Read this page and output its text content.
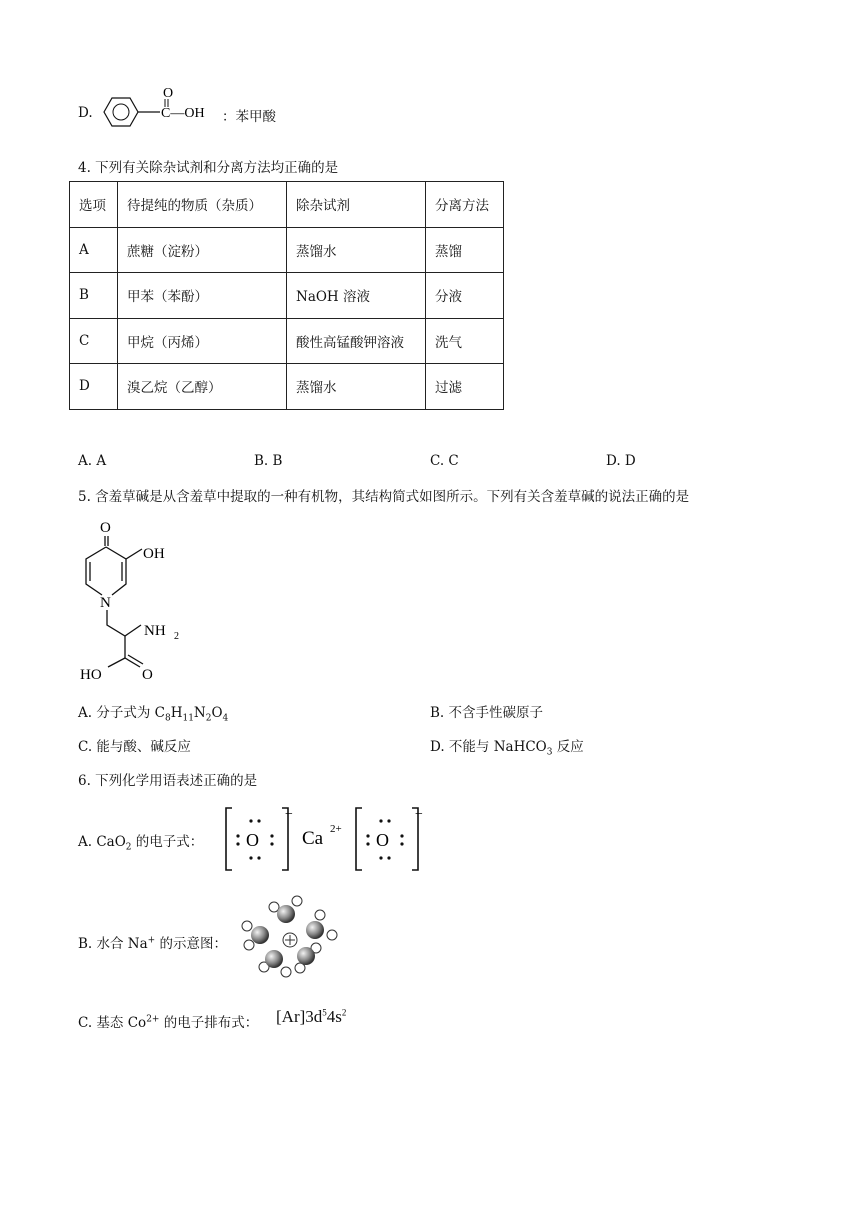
D.	C—OH
O
：苯甲酸
4. 下列有关除杂试剂和分离方法均正确的是
选项	待提纯的物质（杂质）	除杂试剂	分离方法
A	蔗糖（淀粉）	蒸馏水	蒸馏
B	甲苯（苯酚）	NaOH 溶液	分液
C	甲烷（丙烯）	酸性高锰酸钾溶液	洗气
D	溴乙烷（乙醇）	蒸馏水	过滤
A. A	B. B	C. C	D. D
5. 含羞草碱是从含羞草中提取的一种有机物，其结构简式如图所示。下列有关含羞草碱的说法正确的是
O
OH
N
NH 2
HO	O
A. 分子式为 $C_8H_{11}N_2O_4$	B. 不含手性碳原子
C. 能与酸、碱反应	D. 不能与 NaHCO$_3$ 反应
6. 下列化学用语表述正确的是
A. CaO$_2$ 的电子式： O
−
Ca 2+
O
−
B. 水合 Na+ 的示意图：
C. 基态 $Co^{2+}$ 的电子排布式： $[Ar]3d^54s^2$
